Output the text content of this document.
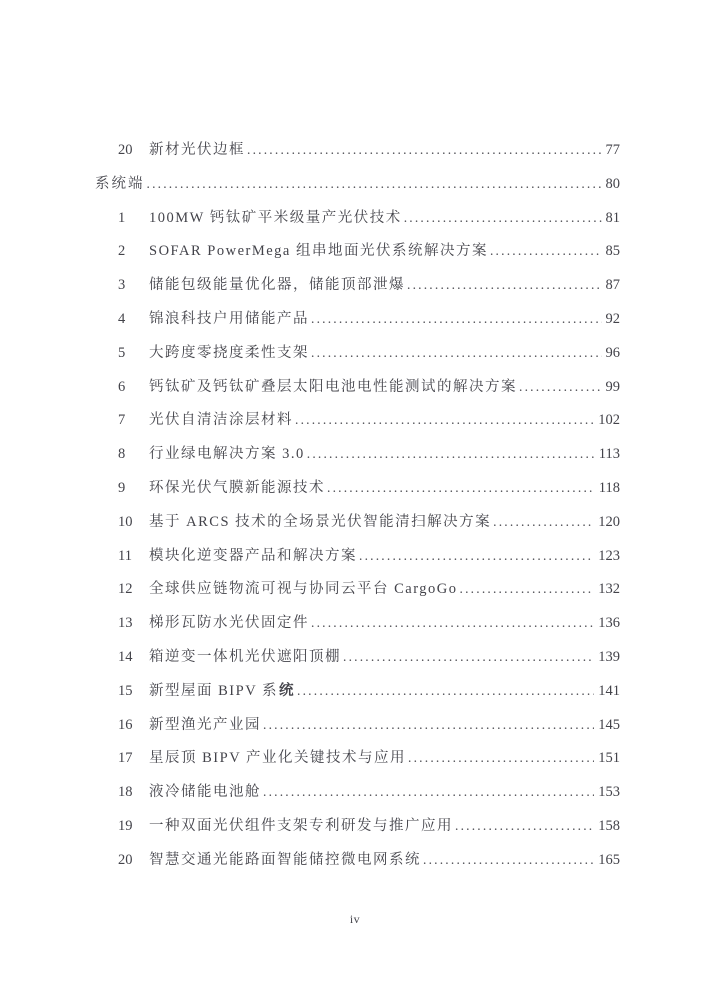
20	新材光伏边框 .....	77
系统端 .....	80
1	100MW 钙钛矿平米级量产光伏技术 .....	81
2	SOFAR PowerMega 组串地面光伏系统解决方案 .....	85
3	储能包级能量优化器，储能顶部泄爆 .....	87
4	锦浪科技户用储能产品 .....	92
5	大跨度零挠度柔性支架 .....	96
6	钙钛矿及钙钛矿叠层太阳电池电性能测试的解决方案 .....	99
7	光伏自清洁涂层材料 .....	102
8	行业绿电解决方案 3.0 .....	113
9	环保光伏气膜新能源技术 .....	118
10	基于 ARCS 技术的全场景光伏智能清扫解决方案 .....	120
11	模块化逆变器产品和解决方案 .....	123
12	全球供应链物流可视与协同云平台 CargoGo .....	132
13	梯形瓦防水光伏固定件 .....	136
14	箱逆变一体机光伏遮阳顶棚 .....	139
15	新型屋面 BIPV 系 统 .....	141
16	新型渔光产业园 .....	145
17	星辰顶 BIPV 产业化关键技术与应用 .....	151
18	液冷储能电池舱 .....	153
19	一种双面光伏组件支架专利研发与推广应用 .....	158
20	智慧交通光能路面智能储控微电网系统 .....	165
iv
